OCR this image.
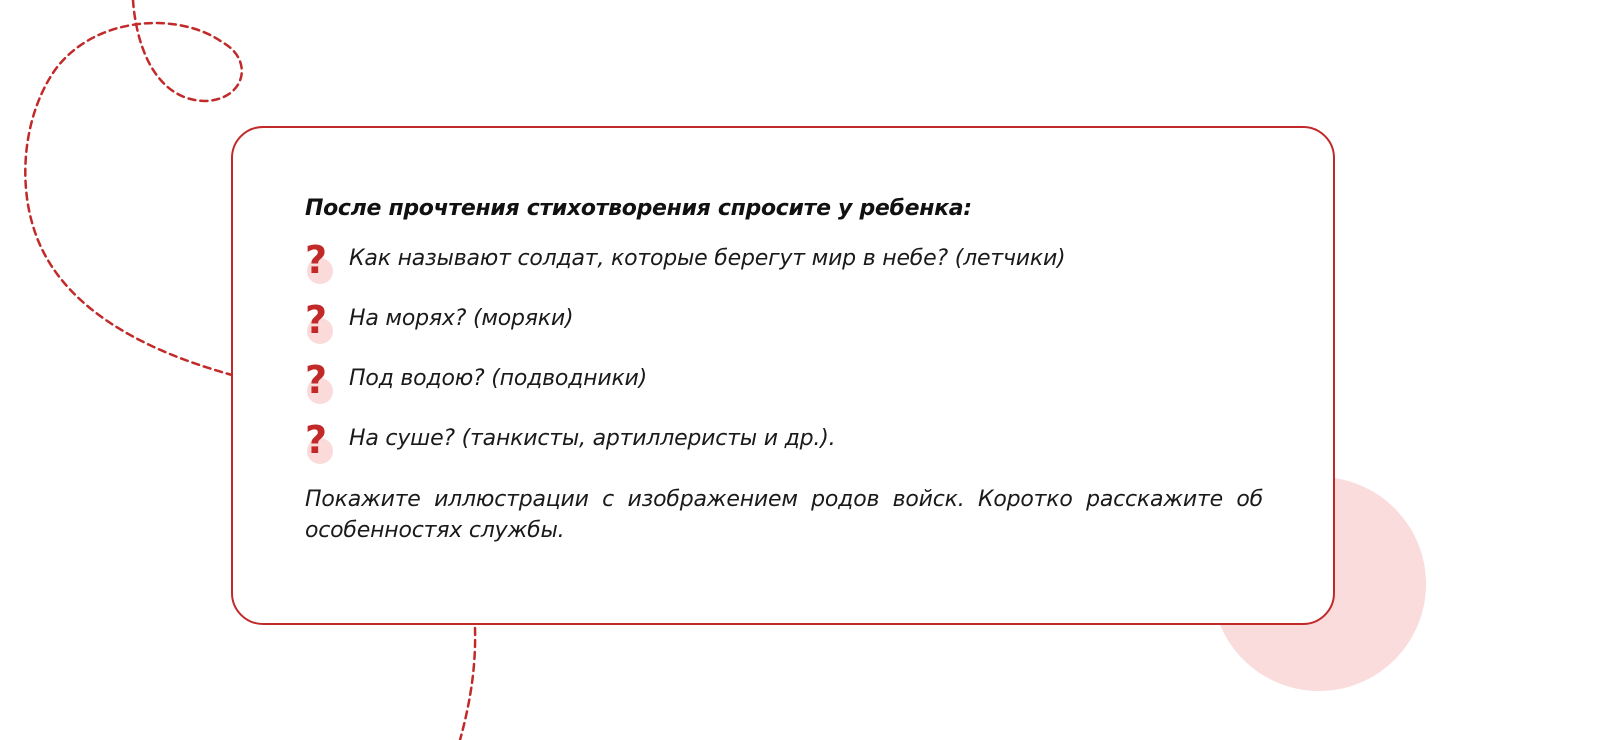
После прочтения стихотворения спросите у ребенка:
? Как называют солдат, которые берегут мир в небе? (летчики)
? На морях? (моряки)
? Под водою? (подводники)
? На суше? (танкисты, артиллеристы и др.).

Покажите иллюстрации с изображением родов войск. Коротко расскажите об особенностях службы.
